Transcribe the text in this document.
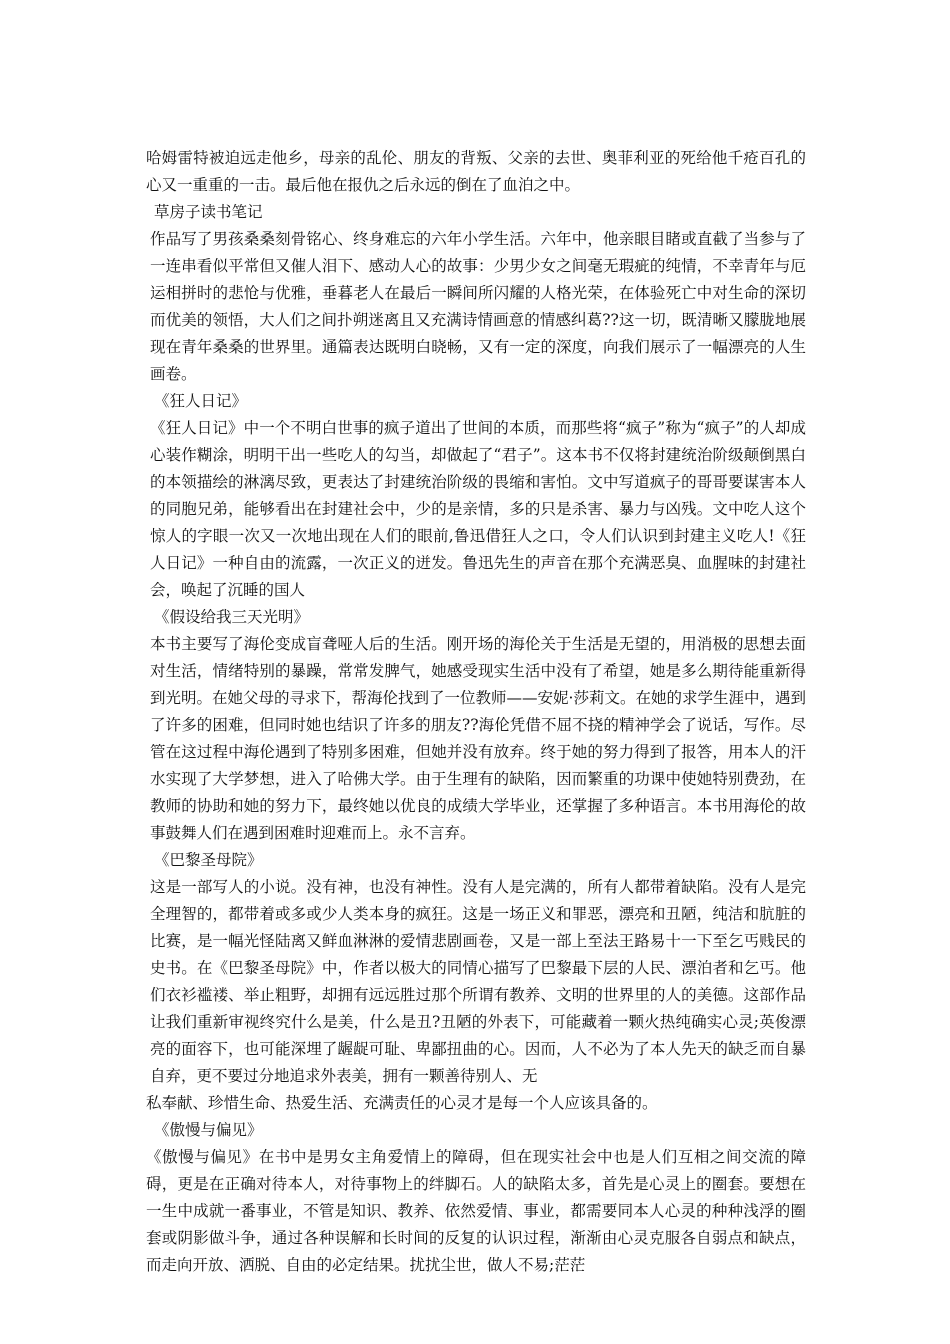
哈姆雷特被迫远走他乡，母亲的乱伦、朋友的背叛、父亲的去世、奥菲利亚的死给他千疮百孔的心又一重重的一击。最后他在报仇之后永远的倒在了血泊之中。

草房子读书笔记

作品写了男孩桑桑刻骨铭心、终身难忘的六年小学生活。六年中，他亲眼目睹或直截了当参与了一连串看似平常但又催人泪下、感动人心的故事：少男少女之间毫无瑕疵的纯情，不幸青年与厄运相拼时的悲怆与优雅，垂暮老人在最后一瞬间所闪耀的人格光荣，在体验死亡中对生命的深切而优美的领悟，大人们之间扑朔迷离且又充满诗情画意的情感纠葛??这一切，既清晰又朦胧地展现在青年桑桑的世界里。通篇表达既明白晓畅，又有一定的深度，向我们展示了一幅漂亮的人生画卷。

《狂人日记》

《狂人日记》中一个不明白世事的疯子道出了世间的本质，而那些将“疯子”称为“疯子”的人却成心装作糊涂，明明干出一些吃人的勾当，却做起了“君子”。这本书不仅将封建统治阶级颠倒黑白的本领描绘的淋漓尽致，更表达了封建统治阶级的畏缩和害怕。文中写道疯子的哥哥要谋害本人的同胞兄弟，能够看出在封建社会中，少的是亲情，多的只是杀害、暴力与凶残。文中吃人这个惊人的字眼一次又一次地出现在人们的眼前,鲁迅借狂人之口，令人们认识到封建主义吃人!《狂人日记》一种自由的流露，一次正义的迸发。鲁迅先生的声音在那个充满恶臭、血腥味的封建社会，唤起了沉睡的国人

《假设给我三天光明》

本书主要写了海伦变成盲聋哑人后的生活。刚开场的海伦关于生活是无望的，用消极的思想去面对生活，情绪特别的暴躁，常常发脾气，她感受现实生活中没有了希望，她是多么期待能重新得到光明。在她父母的寻求下，帮海伦找到了一位教师——安妮·莎莉文。在她的求学生涯中，遇到了许多的困难，但同时她也结识了许多的朋友??海伦凭借不屈不挠的精神学会了说话，写作。尽管在这过程中海伦遇到了特别多困难，但她并没有放弃。终于她的努力得到了报答，用本人的汗水实现了大学梦想，进入了哈佛大学。由于生理有的缺陷，因而繁重的功课中使她特别费劲，在教师的协助和她的努力下，最终她以优良的成绩大学毕业，还掌握了多种语言。本书用海伦的故事鼓舞人们在遇到困难时迎难而上。永不言弃。

《巴黎圣母院》

这是一部写人的小说。没有神，也没有神性。没有人是完满的，所有人都带着缺陷。没有人是完全理智的，都带着或多或少人类本身的疯狂。这是一场正义和罪恶，漂亮和丑陋，纯洁和肮脏的比赛，是一幅光怪陆离又鲜血淋淋的爱情悲剧画卷，又是一部上至法王路易十一下至乞丐贱民的史书。在《巴黎圣母院》中，作者以极大的同情心描写了巴黎最下层的人民、漂泊者和乞丐。他们衣衫褴褛、举止粗野，却拥有远远胜过那个所谓有教养、文明的世界里的人的美德。这部作品让我们重新审视终究什么是美，什么是丑?丑陋的外表下，可能藏着一颗火热纯确实心灵;英俊漂亮的面容下，也可能深埋了龌龊可耻、卑鄙扭曲的心。因而，人不必为了本人先天的缺乏而自暴自弃，更不要过分地追求外表美，拥有一颗善待别人、无

私奉献、珍惜生命、热爱生活、充满责任的心灵才是每一个人应该具备的。

《傲慢与偏见》

《傲慢与偏见》在书中是男女主角爱情上的障碍，但在现实社会中也是人们互相之间交流的障碍，更是在正确对待本人，对待事物上的绊脚石。人的缺陷太多，首先是心灵上的圈套。要想在一生中成就一番事业，不管是知识、教养、依然爱情、事业，都需要同本人心灵的种种浅浮的圈套或阴影做斗争，通过各种误解和长时间的反复的认识过程，渐渐由心灵克服各自弱点和缺点，而走向开放、洒脱、自由的必定结果。扰扰尘世，做人不易;茫茫
